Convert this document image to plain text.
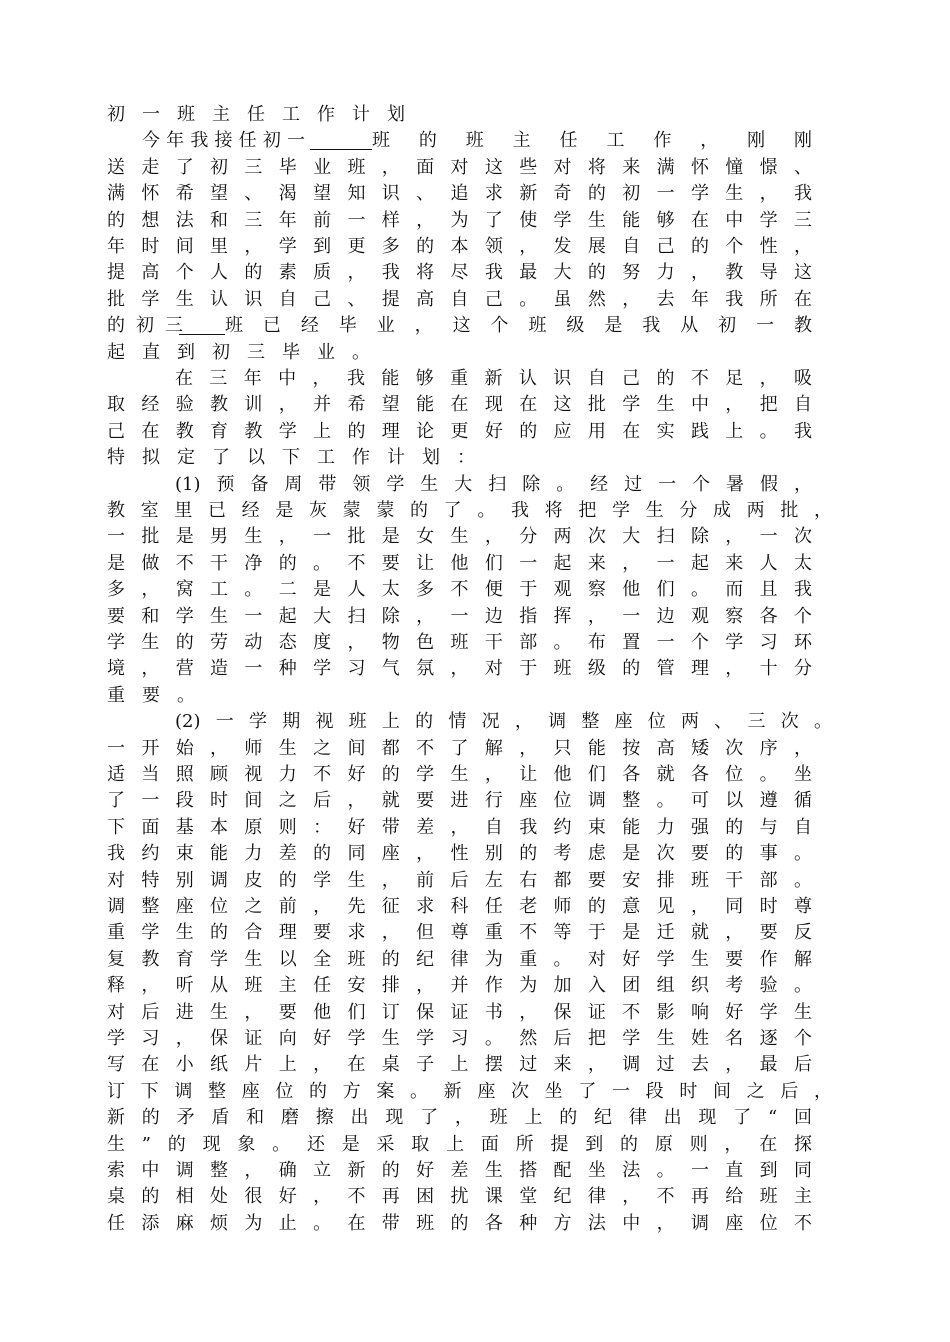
初一班主任工作计划
今年我接任初一	班的班主任工作，刚刚
的初三 班已经毕业，这个班级是我从初一教
送走了初三毕业班，面对这些对将来满怀憧憬、
满怀希望、渴望知识、追求新奇的初一学生，我
的想法和三年前一样，为了使学生能够在中学三
年时间里，学到更多的本领，发展自己的个性，
提高个人的素质，我将尽我最大的努力，教导这
批学生认识自己、提高自己。虽然，去年我所在
起直到初三毕业。
在三年中，我能够重新认识自己的不足，吸
取经验教训，并希望能在现在这批学生中，把自
己在教育教学上的理论更好的应用在实践上。我
特拟定了以下工作计划：
(1)预备周带领学生大扫除。经过一个暑假，
教室里已经是灰蒙蒙的了。我将把学生分成两批，
一批是男生，一批是女生，分两次大扫除，一次
是做不干净的。不要让他们一起来，一起来人太
多，窝工。二是人太多不便于观察他们。而且我
要和学生一起大扫除，一边指挥，一边观察各个
学生的劳动态度，物色班干部。布置一个学习环
境，营造一种学习气氛，对于班级的管理，十分
重要。
(2)一学期视班上的情况，调整座位两、三次。
一开始，师生之间都不了解，只能按高矮次序，
适当照顾视力不好的学生，让他们各就各位。坐
了一段时间之后，就要进行座位调整。可以遵循
下面基本原则：好带差，自我约束能力强的与自
我约束能力差的同座，性别的考虑是次要的事。
对特别调皮的学生，前后左右都要安排班干部。
调整座位之前，先征求科任老师的意见，同时尊
重学生的合理要求，但尊重不等于是迁就，要反
复教育学生以全班的纪律为重。对好学生要作解
释，听从班主任安排，并作为加入团组织考验。
对后进生，要他们订保证书，保证不影响好学生
学习，保证向好学生学习。然后把学生姓名逐个
写在小纸片上，在桌子上摆过来，调过去，最后
订下调整座位的方案。新座次坐了一段时间之后，
新的矛盾和磨擦出现了，班上的纪律出现了“回
生”的现象。还是采取上面所提到的原则，在探
索中调整，确立新的好差生搭配坐法。一直到同
桌的相处很好，不再困扰课堂纪律，不再给班主
任添麻烦为止。在带班的各种方法中，调座位不
